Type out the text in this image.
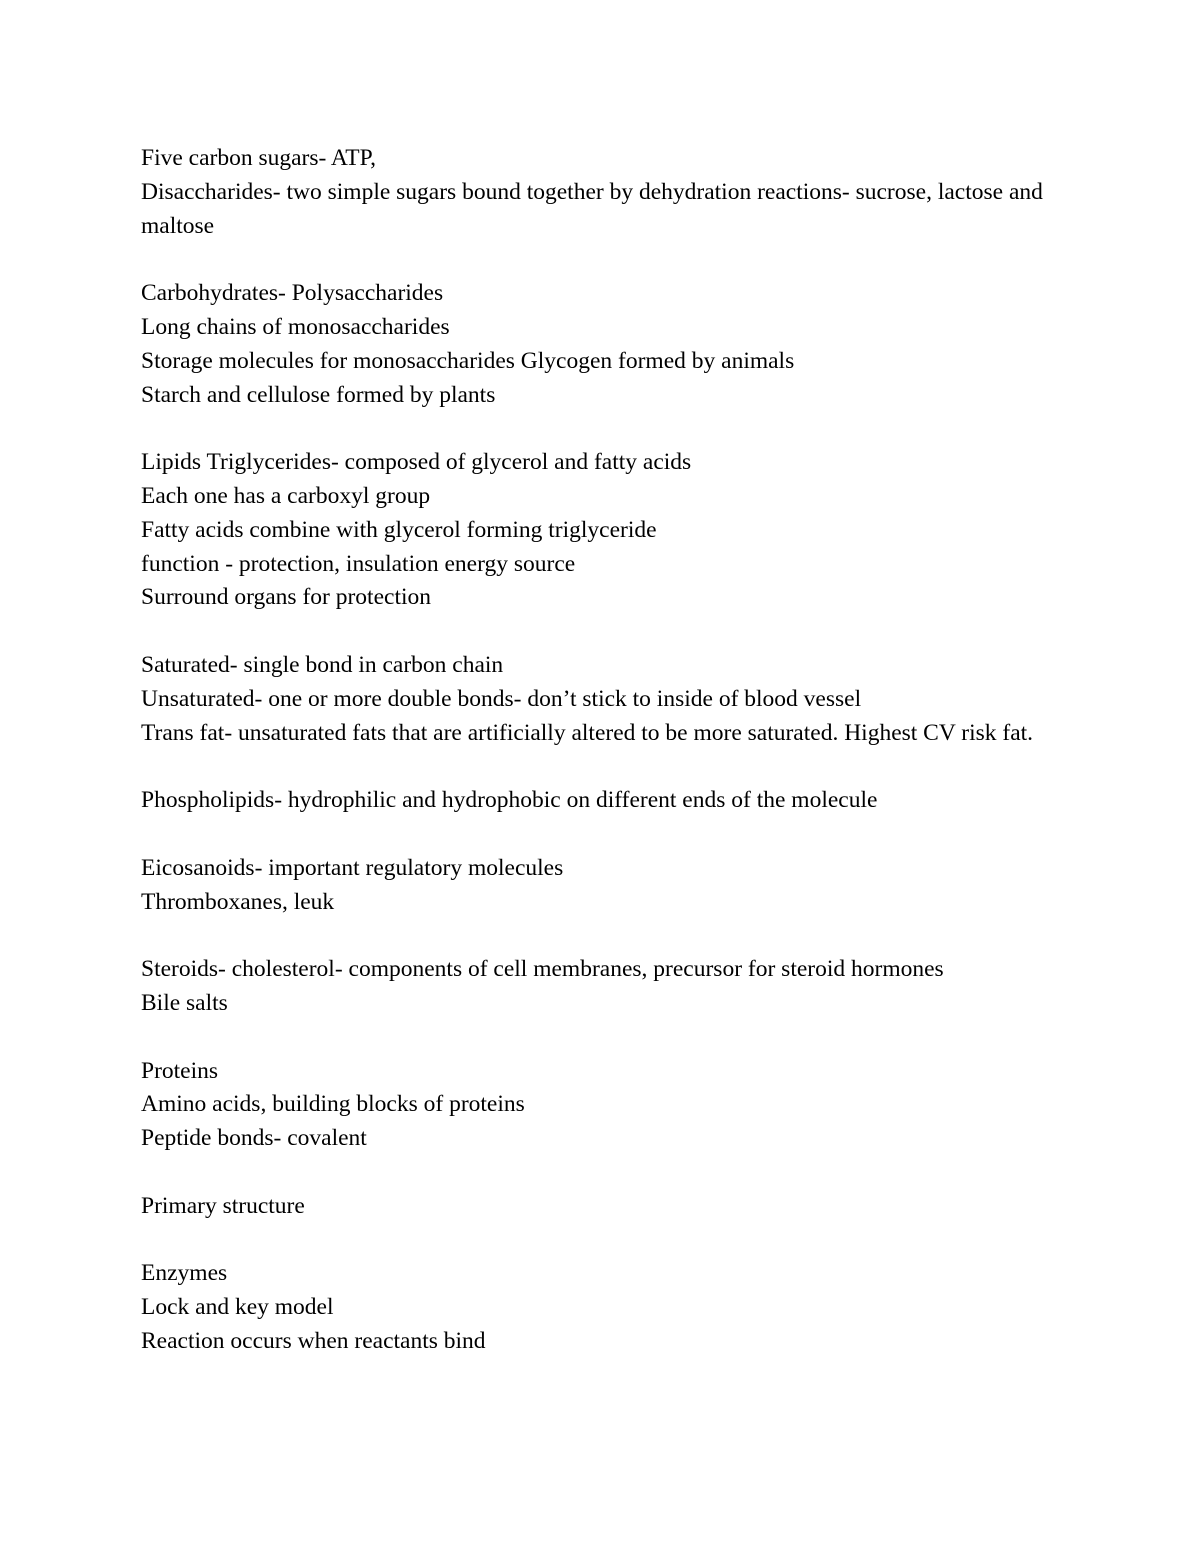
Five carbon sugars- ATP,
Disaccharides- two simple sugars bound together by dehydration reactions- sucrose, lactose and maltose

Carbohydrates- Polysaccharides
Long chains of monosaccharides
Storage molecules for monosaccharides Glycogen formed by animals
Starch and cellulose formed by plants

Lipids Triglycerides- composed of glycerol and fatty acids
Each one has a carboxyl group
Fatty acids combine with glycerol forming triglyceride
function - protection, insulation energy source
Surround organs for protection

Saturated- single bond in carbon chain
Unsaturated- one or more double bonds- don’t stick to inside of blood vessel
Trans fat- unsaturated fats that are artificially altered to be more saturated. Highest CV risk fat.

Phospholipids- hydrophilic and hydrophobic on different ends of the molecule

Eicosanoids- important regulatory molecules
Thromboxanes, leuk

Steroids- cholesterol- components of cell membranes, precursor for steroid hormones
Bile salts

Proteins
Amino acids, building blocks of proteins
Peptide bonds- covalent

Primary structure

Enzymes
Lock and key model
Reaction occurs when reactants bind
